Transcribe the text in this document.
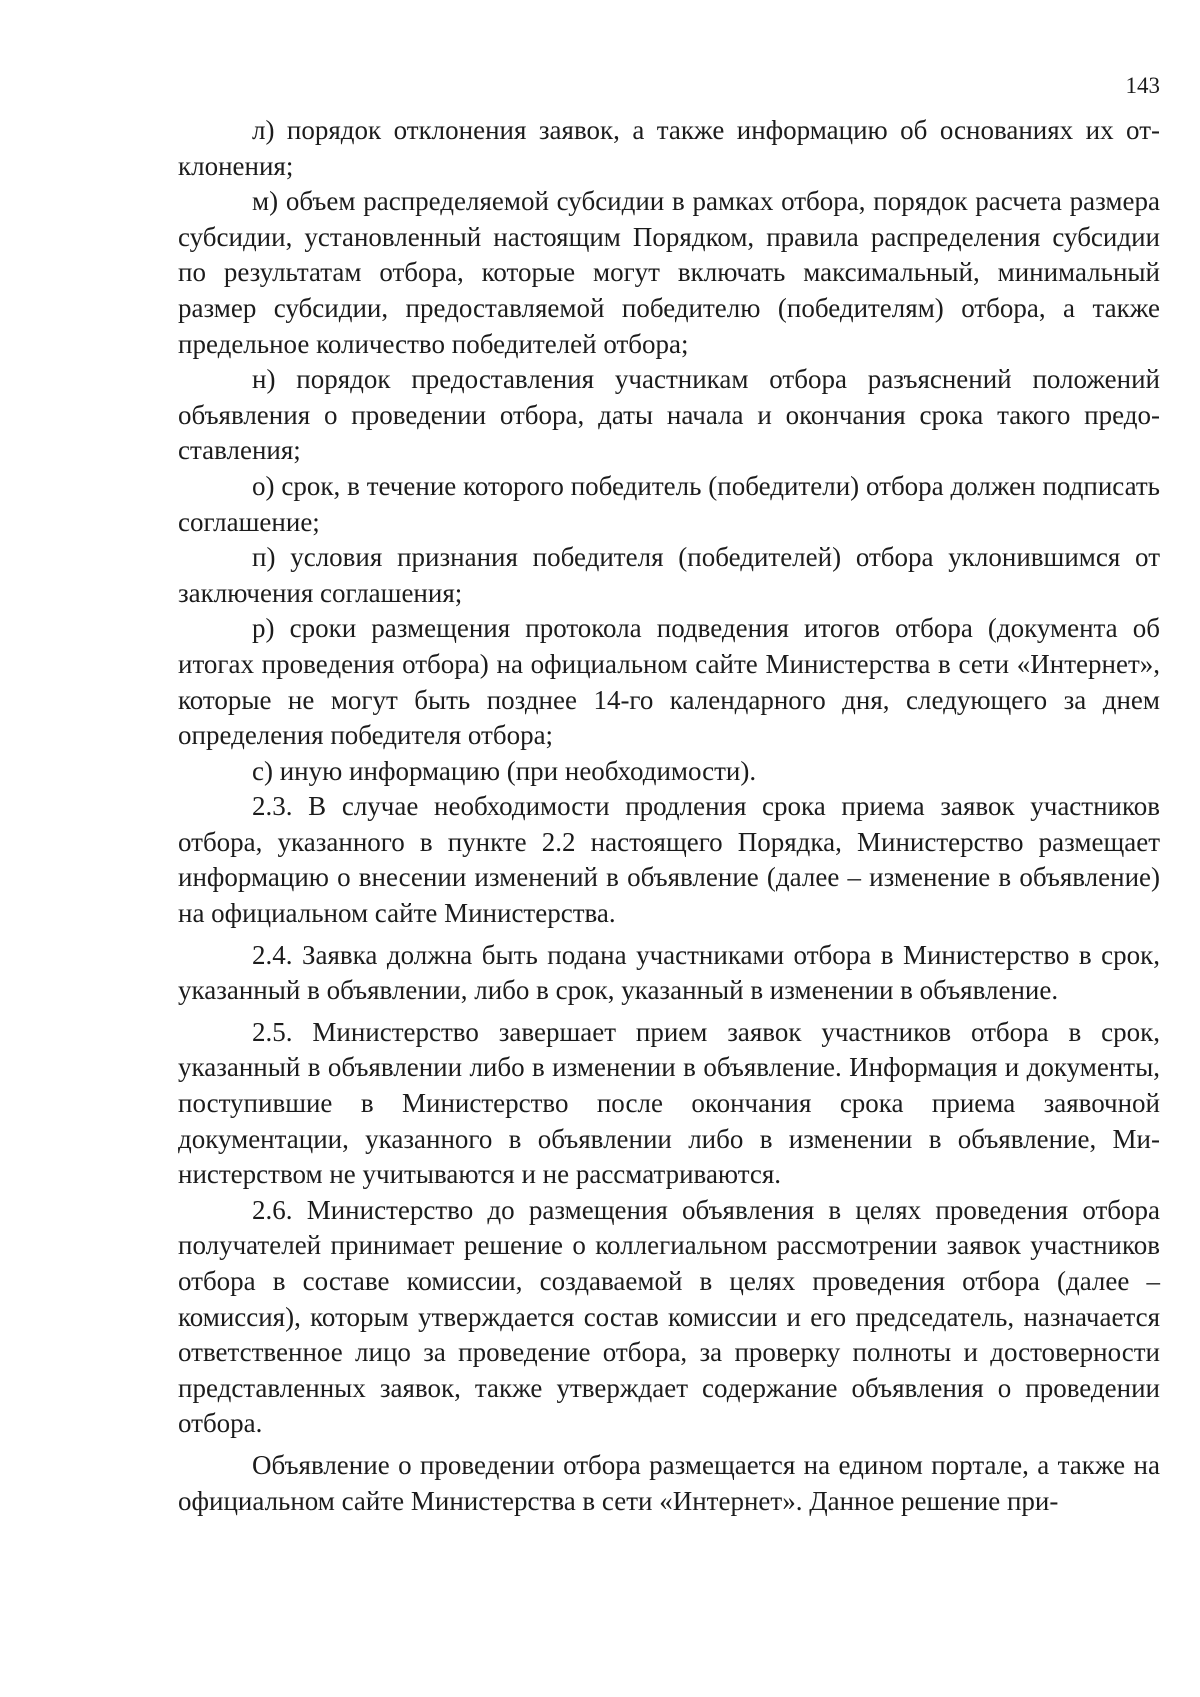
143

л) порядок отклонения заявок, а также информацию об основаниях их отклонения;

м) объем распределяемой субсидии в рамках отбора, порядок расчета размера субсидии, установленный настоящим Порядком, правила распределения субсидии по результатам отбора, которые могут включать максимальный, минимальный размер субсидии, предоставляемой победителю (победителям) отбора, а также предельное количество победителей отбора;

н) порядок предоставления участникам отбора разъяснений положений объявления о проведении отбора, даты начала и окончания срока такого предоставления;

о) срок, в течение которого победитель (победители) отбора должен подписать соглашение;

п) условия признания победителя (победителей) отбора уклонившимся от заключения соглашения;

р) сроки размещения протокола подведения итогов отбора (документа об итогах проведения отбора) на официальном сайте Министерства в сети «Интернет», которые не могут быть позднее 14-го календарного дня, следующего за днем определения победителя отбора;

с) иную информацию (при необходимости).

2.3. В случае необходимости продления срока приема заявок участников отбора, указанного в пункте 2.2 настоящего Порядка, Министерство размещает информацию о внесении изменений в объявление (далее – изменение в объявление) на официальном сайте Министерства.

2.4. Заявка должна быть подана участниками отбора в Министерство в срок, указанный в объявлении, либо в срок, указанный в изменении в объявление.

2.5. Министерство завершает прием заявок участников отбора в срок, указанный в объявлении либо в изменении в объявление. Информация и документы, поступившие в Министерство после окончания срока приема заявочной документации, указанного в объявлении либо в изменении в объявление, Министерством не учитываются и не рассматриваются.

2.6. Министерство до размещения объявления в целях проведения отбора получателей принимает решение о коллегиальном рассмотрении заявок участников отбора в составе комиссии, создаваемой в целях проведения отбора (далее – комиссия), которым утверждается состав комиссии и его председатель, назначается ответственное лицо за проведение отбора, за проверку полноты и достоверности представленных заявок, также утверждает содержание объявления о проведении отбора.

Объявление о проведении отбора размещается на едином портале, а также на официальном сайте Министерства в сети «Интернет». Данное решение при-
